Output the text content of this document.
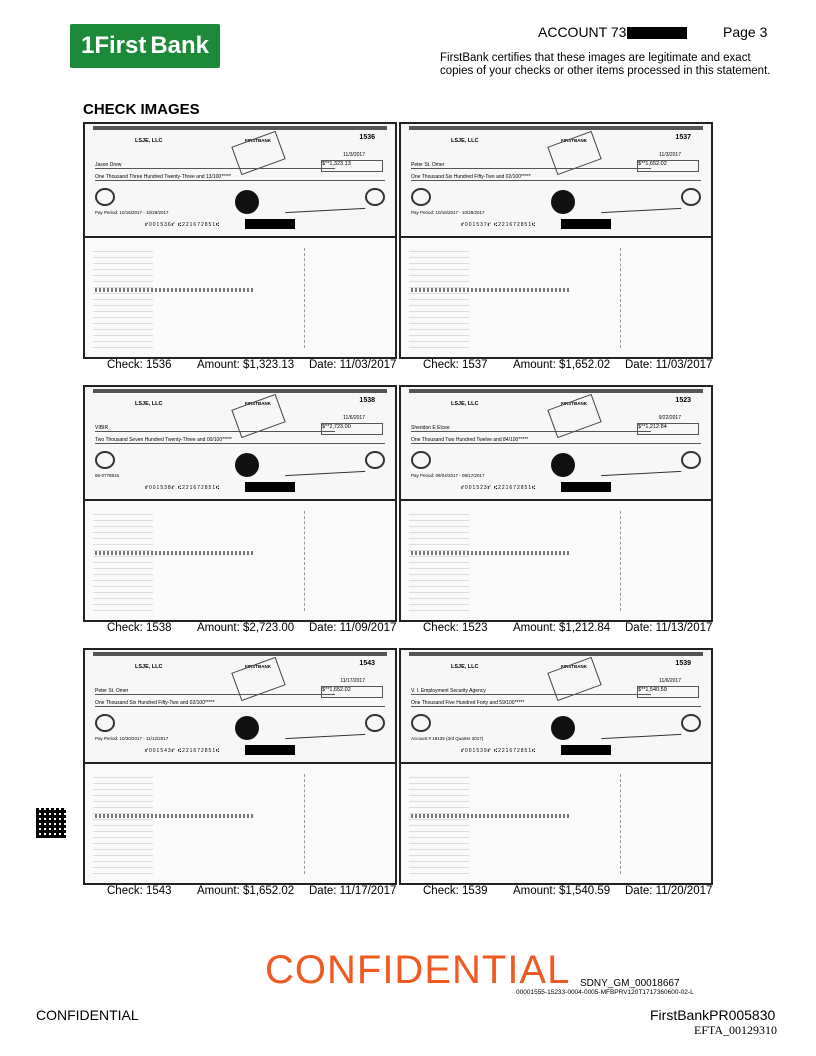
1First Bank	ACCOUNT 73	Page 3
FirstBank certifies that these images are legitimate and exact copies of your checks or other items processed in this statement.
CHECK IMAGES
LSJE, LLC	FIRSTBANK	1536
11/3/2017
Jason Drew	$**1,323.13
One Thousand Three Hundred Twenty-Three and 13/100*****
Pay Period: 10/16/2017 - 10/29/2017
⑈001536⑈ ⑆221672851⑆
Check: 1536 Amount: $1,323.13 Date: 11/03/2017
LSJE, LLC	FIRSTBANK	1537
11/3/2017
Peter St. Omer	$**1,652.02
One Thousand Six Hundred Fifty-Two and 02/100*****
Pay Period: 10/16/2017 - 10/29/2017
⑈001537⑈ ⑆221672851⑆
Check: 1537 Amount: $1,652.02 Date: 11/03/2017
LSJE, LLC	FIRSTBANK	1538
11/6/2017
VIBIR	$**2,723.00
Two Thousand Seven Hundred Twenty-Three and 00/100*****
66-0778815
⑈001538⑈ ⑆221672851⑆
Check: 1538 Amount: $2,723.00 Date: 11/09/2017
LSJE, LLC	FIRSTBANK	1523
9/22/2017
Sheridon E Elcee	$**1,212.84
One Thousand Two Hundred Twelve and 84/100*****
Pay Period: 09/04/2017 - 09/17/2017
⑈001523⑈ ⑆221672851⑆
Check: 1523 Amount: $1,212.84 Date: 11/13/2017
LSJE, LLC	FIRSTBANK	1543
11/17/2017
Peter St. Omer	$**1,652.02
One Thousand Six Hundred Fifty-Two and 02/100*****
Pay Period: 10/30/2017 - 11/12/2017
⑈001543⑈ ⑆221672851⑆
Check: 1543 Amount: $1,652.02 Date: 11/17/2017
LSJE, LLC	FIRSTBANK	1539
11/6/2017
V. I. Employment Security Agency	$**1,540.59
One Thousand Five Hundred Forty and 59/100*****
Account # 18125 (3rd Quarter 2017)
⑈001539⑈ ⑆221672851⑆
Check: 1539 Amount: $1,540.59 Date: 11/20/2017
CONFIDENTIAL SDNY_GM_00018667
00001555-15233-0004-0005-MFBPRV120T1717360600-02-L
CONFIDENTIAL	FirstBankPR005830
EFTA_00129310
